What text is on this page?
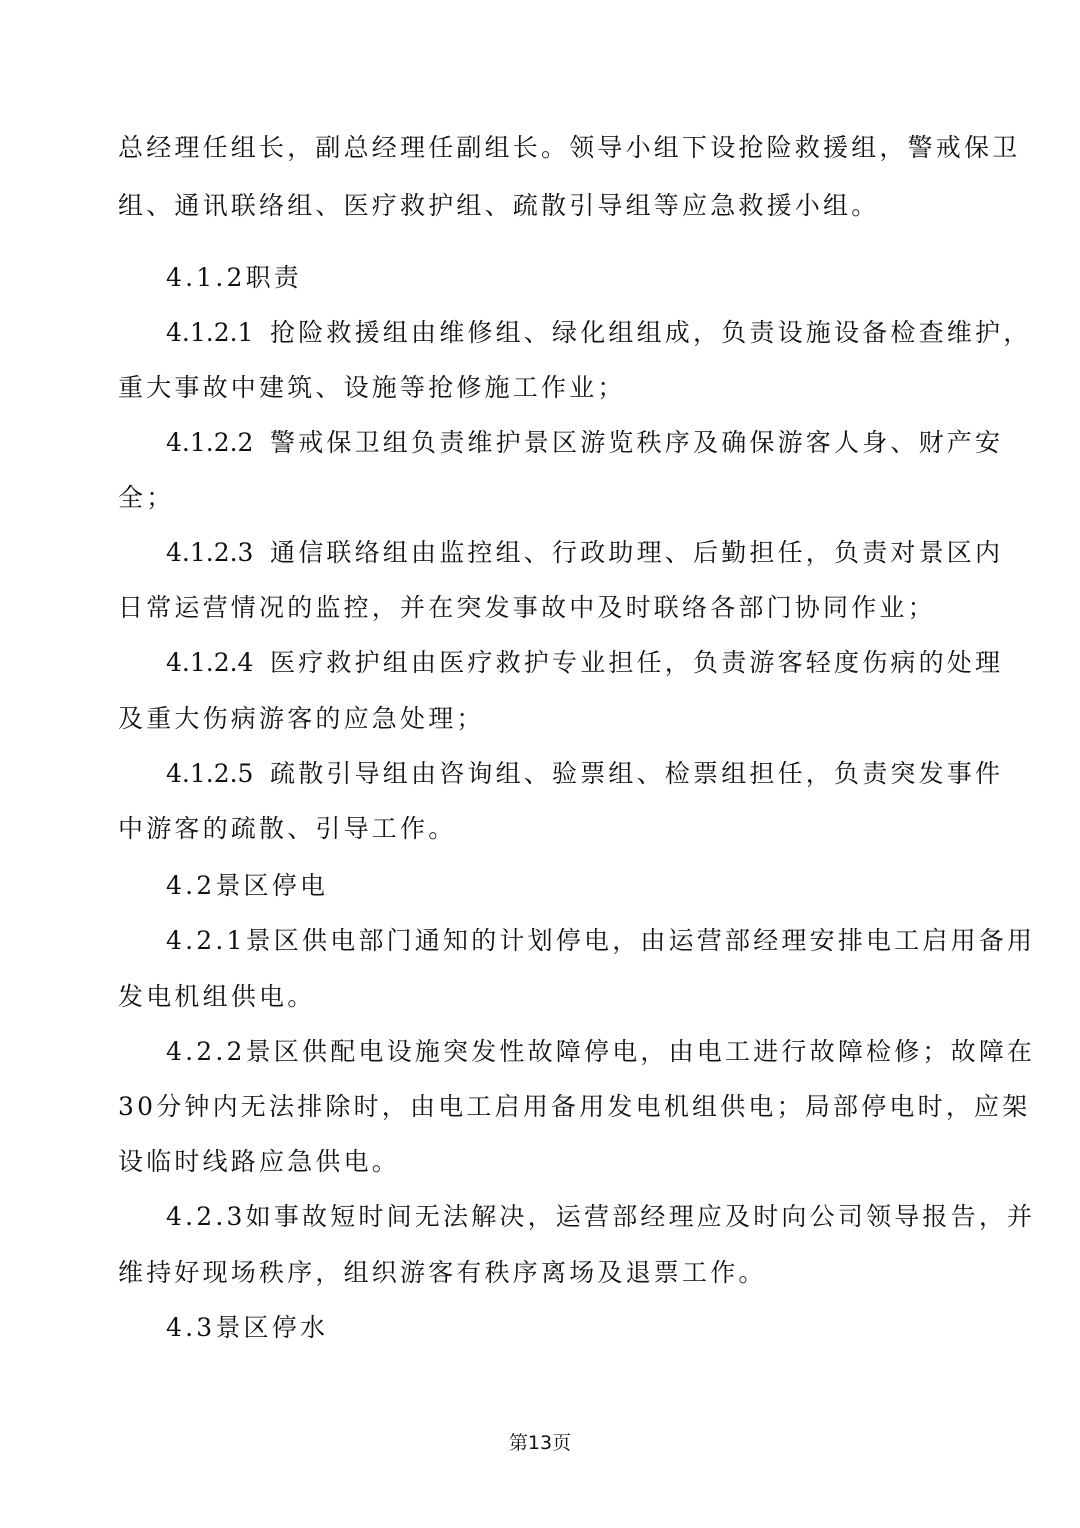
总经理任组长，副总经理任副组长。领导小组下设抢险救援组，警戒保卫
组、通讯联络组、医疗救护组、疏散引导组等应急救援小组。
4.1.2职责
4.1.2.1 抢险救援组由维修组、绿化组组成，负责设施设备检查维护，
重大事故中建筑、设施等抢修施工作业；
4.1.2.2 警戒保卫组负责维护景区游览秩序及确保游客人身、财产安
全；
4.1.2.3 通信联络组由监控组、行政助理、后勤担任，负责对景区内
日常运营情况的监控，并在突发事故中及时联络各部门协同作业；
4.1.2.4 医疗救护组由医疗救护专业担任，负责游客轻度伤病的处理
及重大伤病游客的应急处理；
4.1.2.5 疏散引导组由咨询组、验票组、检票组担任，负责突发事件
中游客的疏散、引导工作。
4.2景区停电
4.2.1景区供电部门通知的计划停电，由运营部经理安排电工启用备用
发电机组供电。
4.2.2景区供配电设施突发性故障停电，由电工进行故障检修；故障在
30分钟内无法排除时，由电工启用备用发电机组供电；局部停电时，应架
设临时线路应急供电。
4.2.3如事故短时间无法解决，运营部经理应及时向公司领导报告，并
维持好现场秩序，组织游客有秩序离场及退票工作。
4.3景区停水
第13页
